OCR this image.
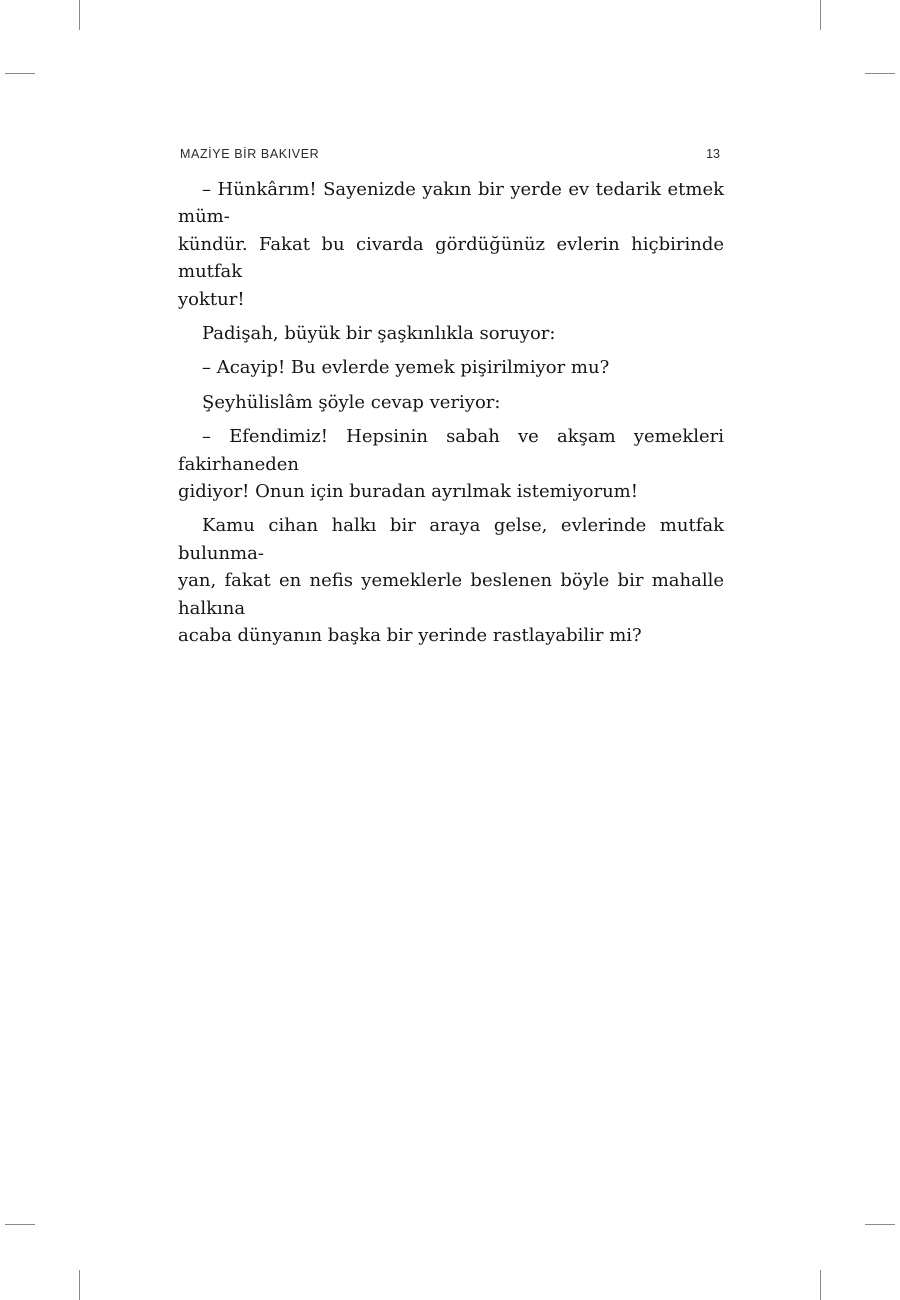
MAZİYE BİR BAKIVER	13

– Hünkârım! Sayenizde yakın bir yerde ev tedarik etmek müm-
kündür. Fakat bu civarda gördüğünüz evlerin hiçbirinde mutfak
yoktur!

Padişah, büyük bir şaşkınlıkla soruyor:

– Acayip! Bu evlerde yemek pişirilmiyor mu?

Şeyhülislâm şöyle cevap veriyor:

– Efendimiz! Hepsinin sabah ve akşam yemekleri fakirhaneden
gidiyor! Onun için buradan ayrılmak istemiyorum!

Kamu cihan halkı bir araya gelse, evlerinde mutfak bulunma-
yan, fakat en nefis yemeklerle beslenen böyle bir mahalle halkına
acaba dünyanın başka bir yerinde rastlayabilir mi?
